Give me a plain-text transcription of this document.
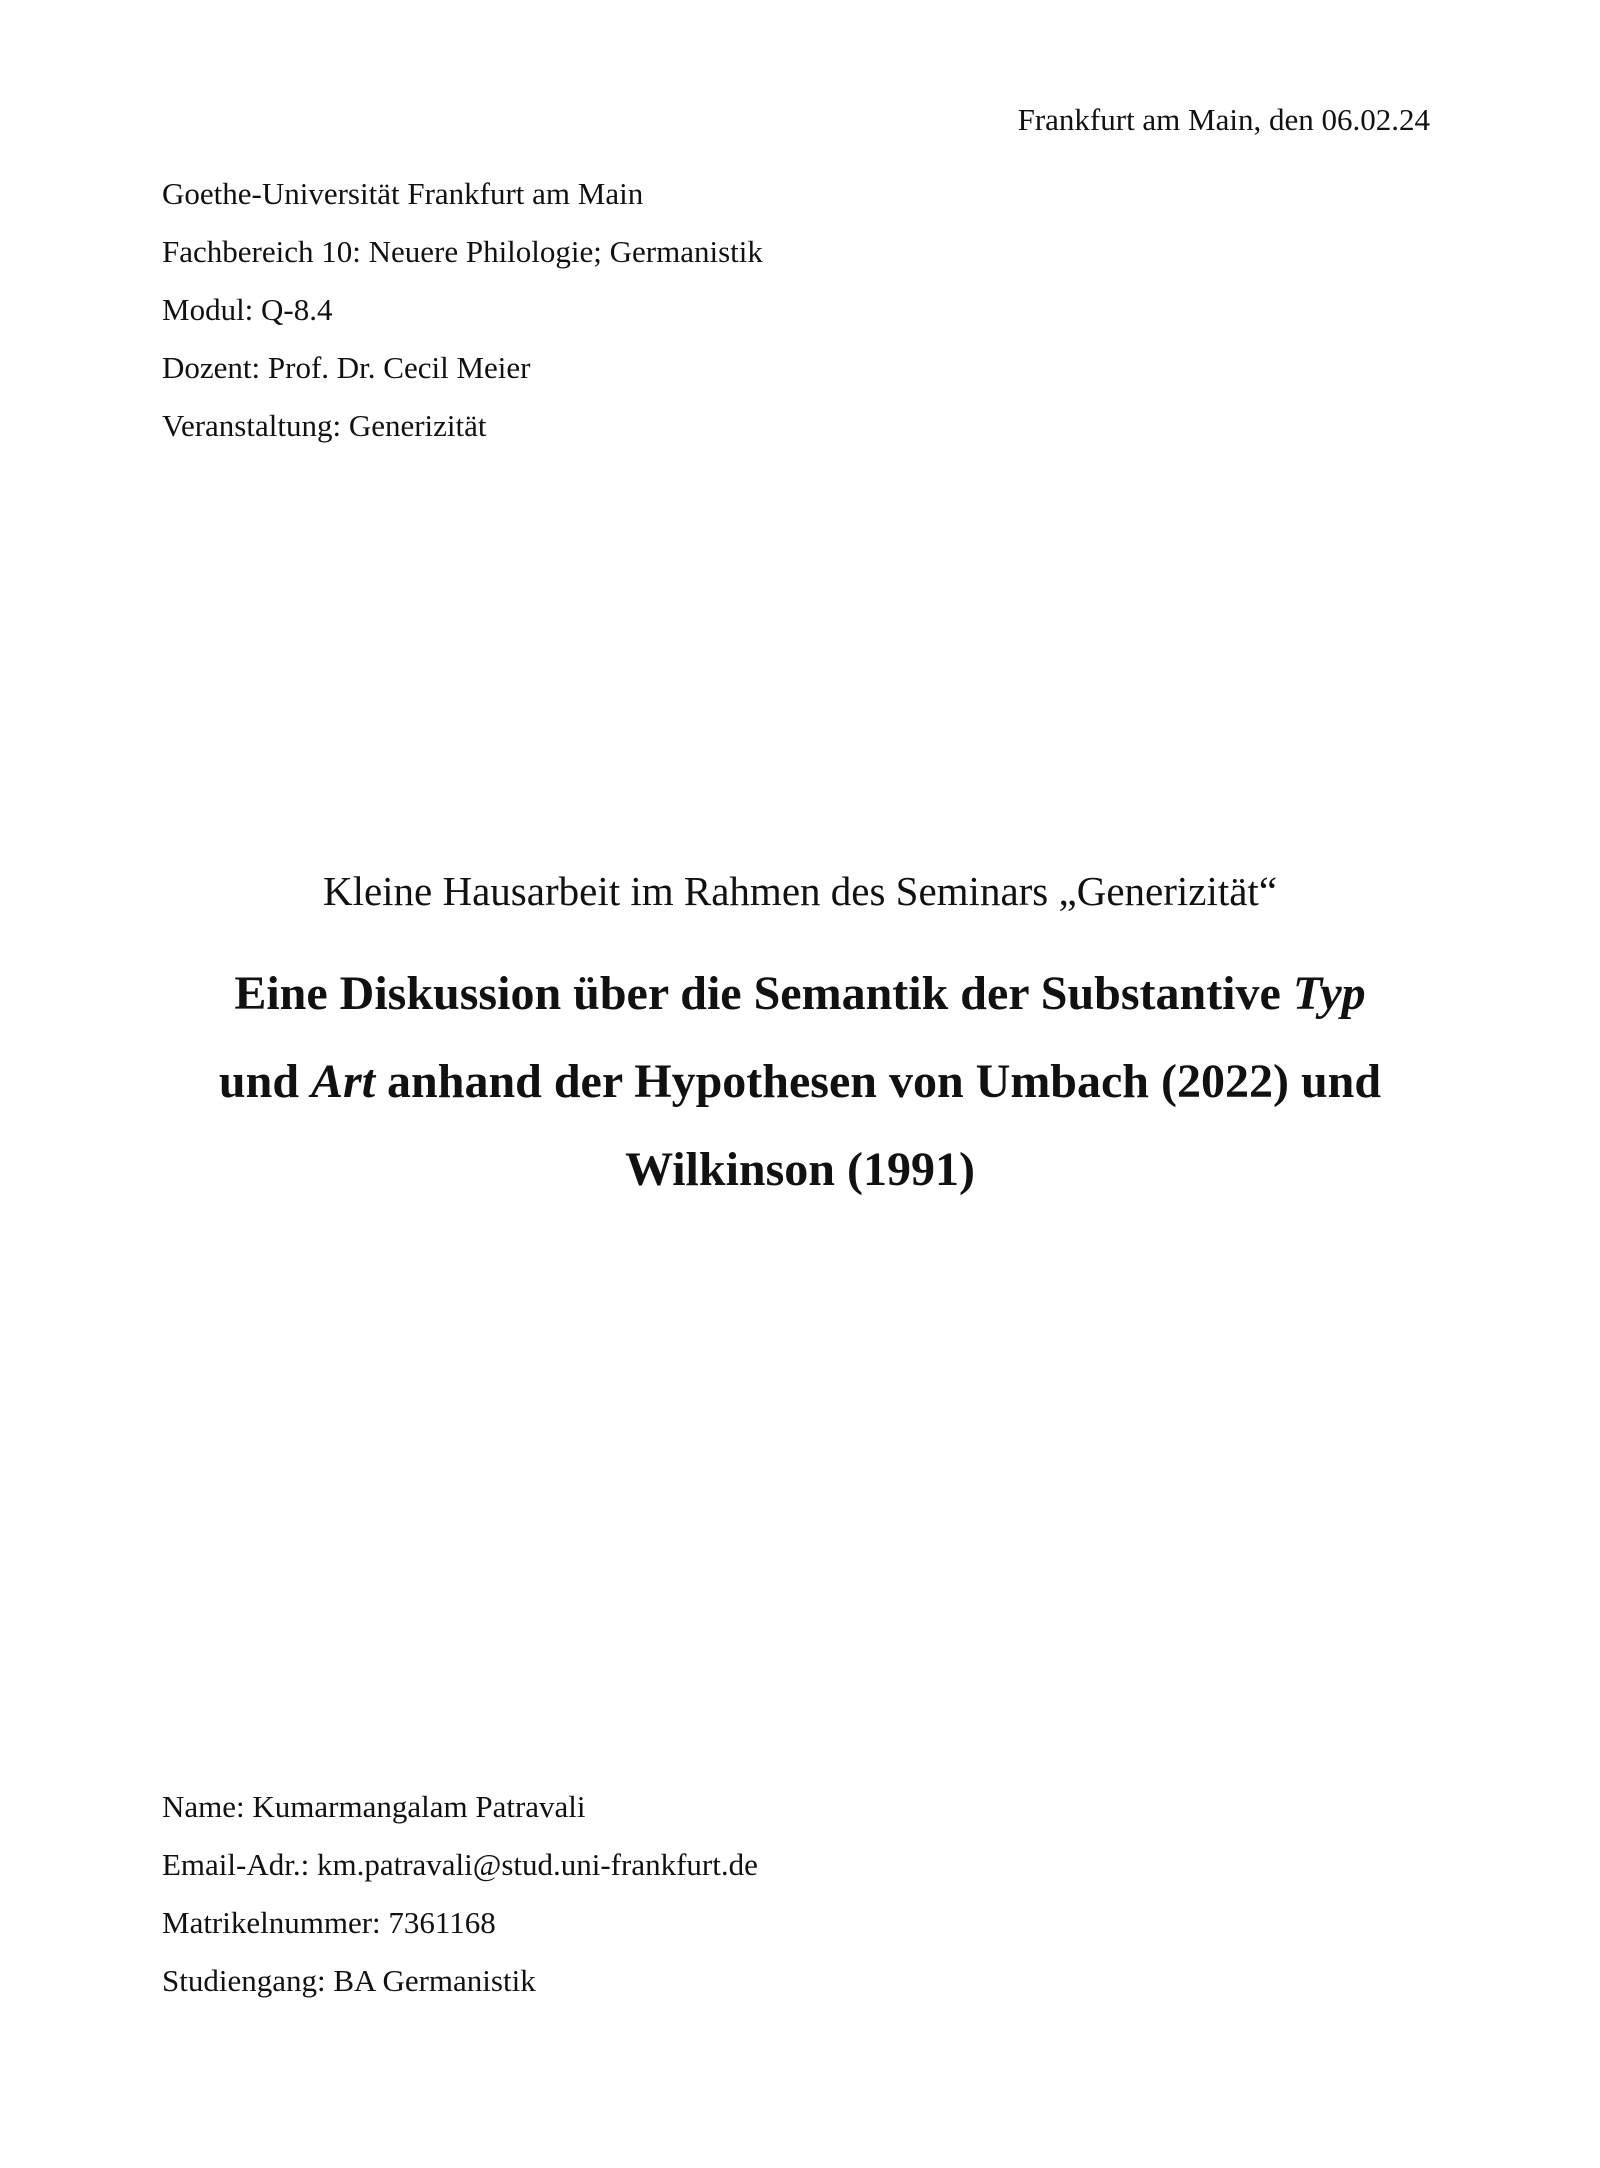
Frankfurt am Main, den 06.02.24

Goethe-Universität Frankfurt am Main

Fachbereich 10: Neuere Philologie; Germanistik

Modul: Q-8.4

Dozent: Prof. Dr. Cecil Meier

Veranstaltung: Generizität

Kleine Hausarbeit im Rahmen des Seminars „Generizität“
Eine Diskussion über die Semantik der Substantive Typ
und Art anhand der Hypothesen von Umbach (2022) und
Wilkinson (1991)

Name: Kumarmangalam Patravali

Email-Adr.: km.patravali@stud.uni-frankfurt.de

Matrikelnummer: 7361168

Studiengang: BA Germanistik
